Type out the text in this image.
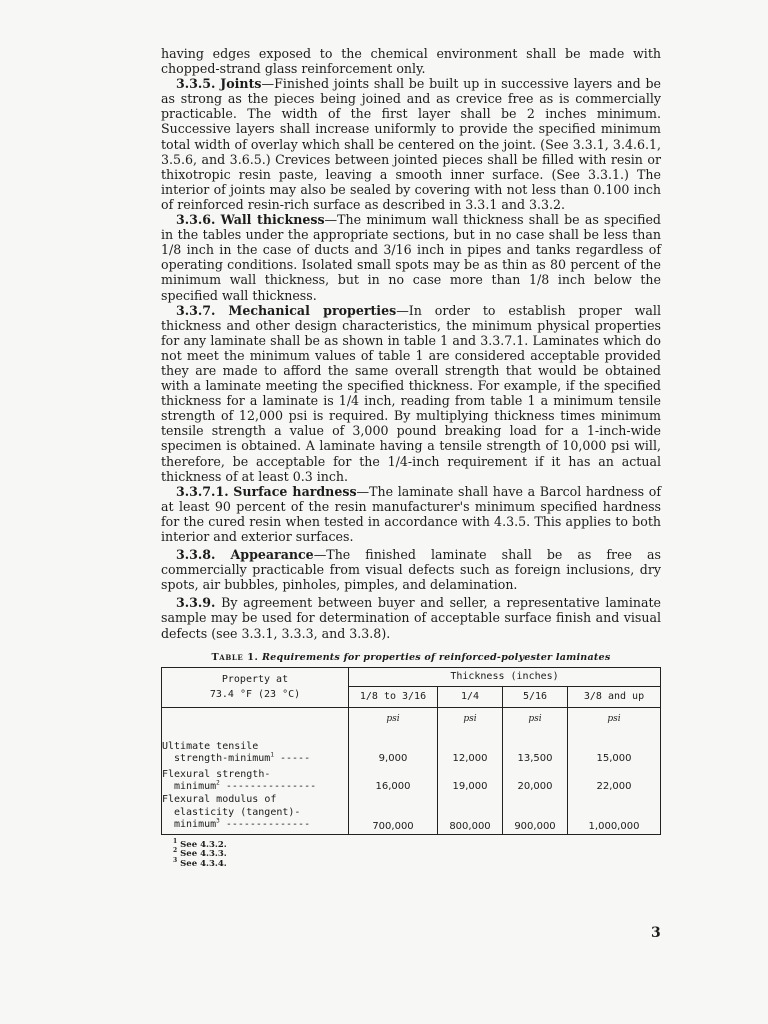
having edges exposed to the chemical environment shall be made with chopped-strand glass reinforcement only.

3.3.5. Joints—Finished joints shall be built up in successive layers and be as strong as the pieces being joined and as crevice free as is commercially practicable. The width of the first layer shall be 2 inches minimum. Successive layers shall increase uniformly to provide the specified minimum total width of overlay which shall be centered on the joint. (See 3.3.1, 3.4.6.1, 3.5.6, and 3.6.5.) Crevices between jointed pieces shall be filled with resin or thixotropic resin paste, leaving a smooth inner surface. (See 3.3.1.) The interior of joints may also be sealed by covering with not less than 0.100 inch of reinforced resin-rich surface as described in 3.3.1 and 3.3.2.

3.3.6. Wall thickness—The minimum wall thickness shall be as specified in the tables under the appropriate sections, but in no case shall be less than 1/8 inch in the case of ducts and 3/16 inch in pipes and tanks regardless of operating conditions. Isolated small spots may be as thin as 80 percent of the minimum wall thickness, but in no case more than 1/8 inch below the specified wall thickness.

3.3.7. Mechanical properties—In order to establish proper wall thickness and other design characteristics, the minimum physical properties for any laminate shall be as shown in table 1 and 3.3.7.1. Laminates which do not meet the minimum values of table 1 are considered acceptable provided they are made to afford the same overall strength that would be obtained with a laminate meeting the specified thickness. For example, if the specified thickness for a laminate is 1/4 inch, reading from table 1 a minimum tensile strength of 12,000 psi is required. By multiplying thickness times minimum tensile strength a value of 3,000 pound breaking load for a 1-inch-wide specimen is obtained. A laminate having a tensile strength of 10,000 psi will, therefore, be acceptable for the 1/4-inch requirement if it has an actual thickness of at least 0.3 inch.

3.3.7.1. Surface hardness—The laminate shall have a Barcol hardness of at least 90 percent of the resin manufacturer's minimum specified hardness for the cured resin when tested in accordance with 4.3.5. This applies to both interior and exterior surfaces.

3.3.8. Appearance—The finished laminate shall be as free as commercially practicable from visual defects such as foreign inclusions, dry spots, air bubbles, pinholes, pimples, and delamination.

3.3.9. By agreement between buyer and seller, a representative laminate sample may be used for determination of acceptable surface finish and visual defects (see 3.3.1, 3.3.3, and 3.3.8).

Table 1. Requirements for properties of reinforced-polyester laminates
Property at
73.4 °F (23 °C)	Thickness (inches)			
	1/8 to 3/16	1/4	5/16	3/8 and up
	psi	psi	psi	psi

Ultimate tensile
strength-minimum$^1$ -----	9,000	12,000	13,500	15,000

Flexural strength-
minimum$^2$ ---------------	16,000	19,000	20,000	22,000

Flexural modulus of
elasticity (tangent)-
minimum$^3$ --------------	700,000	800,000	900,000	1,000,000
$^1$ See 4.3.2.
$^2$ See 4.3.3.
$^3$ See 4.3.4.
3
